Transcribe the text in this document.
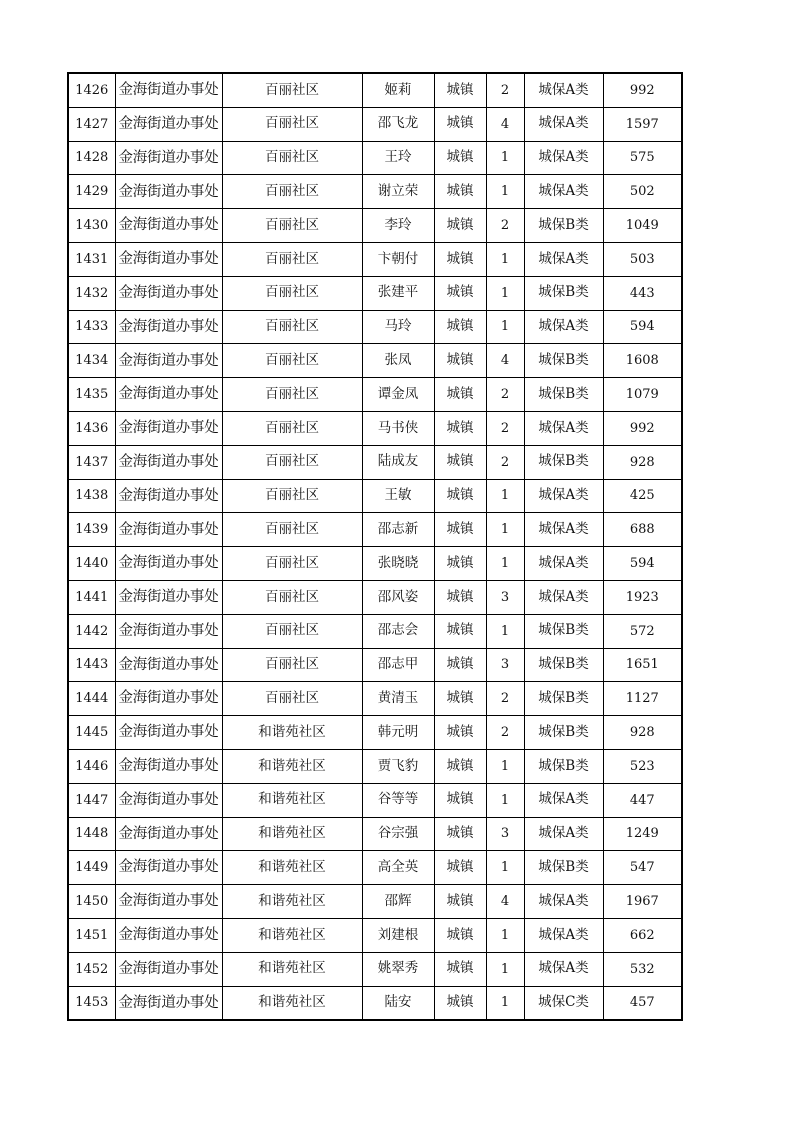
1426	金海街道办事处	百丽社区	姬莉	城镇	2	城保A类	992
1427	金海街道办事处	百丽社区	邵飞龙	城镇	4	城保A类	1597
1428	金海街道办事处	百丽社区	王玲	城镇	1	城保A类	575
1429	金海街道办事处	百丽社区	谢立荣	城镇	1	城保A类	502
1430	金海街道办事处	百丽社区	李玲	城镇	2	城保B类	1049
1431	金海街道办事处	百丽社区	卞朝付	城镇	1	城保A类	503
1432	金海街道办事处	百丽社区	张建平	城镇	1	城保B类	443
1433	金海街道办事处	百丽社区	马玲	城镇	1	城保A类	594
1434	金海街道办事处	百丽社区	张凤	城镇	4	城保B类	1608
1435	金海街道办事处	百丽社区	谭金凤	城镇	2	城保B类	1079
1436	金海街道办事处	百丽社区	马书侠	城镇	2	城保A类	992
1437	金海街道办事处	百丽社区	陆成友	城镇	2	城保B类	928
1438	金海街道办事处	百丽社区	王敏	城镇	1	城保A类	425
1439	金海街道办事处	百丽社区	邵志新	城镇	1	城保A类	688
1440	金海街道办事处	百丽社区	张晓晓	城镇	1	城保A类	594
1441	金海街道办事处	百丽社区	邵风姿	城镇	3	城保A类	1923
1442	金海街道办事处	百丽社区	邵志会	城镇	1	城保B类	572
1443	金海街道办事处	百丽社区	邵志甲	城镇	3	城保B类	1651
1444	金海街道办事处	百丽社区	黄清玉	城镇	2	城保B类	1127
1445	金海街道办事处	和谐苑社区	韩元明	城镇	2	城保B类	928
1446	金海街道办事处	和谐苑社区	贾飞豹	城镇	1	城保B类	523
1447	金海街道办事处	和谐苑社区	谷等等	城镇	1	城保A类	447
1448	金海街道办事处	和谐苑社区	谷宗强	城镇	3	城保A类	1249
1449	金海街道办事处	和谐苑社区	高全英	城镇	1	城保B类	547
1450	金海街道办事处	和谐苑社区	邵辉	城镇	4	城保A类	1967
1451	金海街道办事处	和谐苑社区	刘建根	城镇	1	城保A类	662
1452	金海街道办事处	和谐苑社区	姚翠秀	城镇	1	城保A类	532
1453	金海街道办事处	和谐苑社区	陆安	城镇	1	城保C类	457
